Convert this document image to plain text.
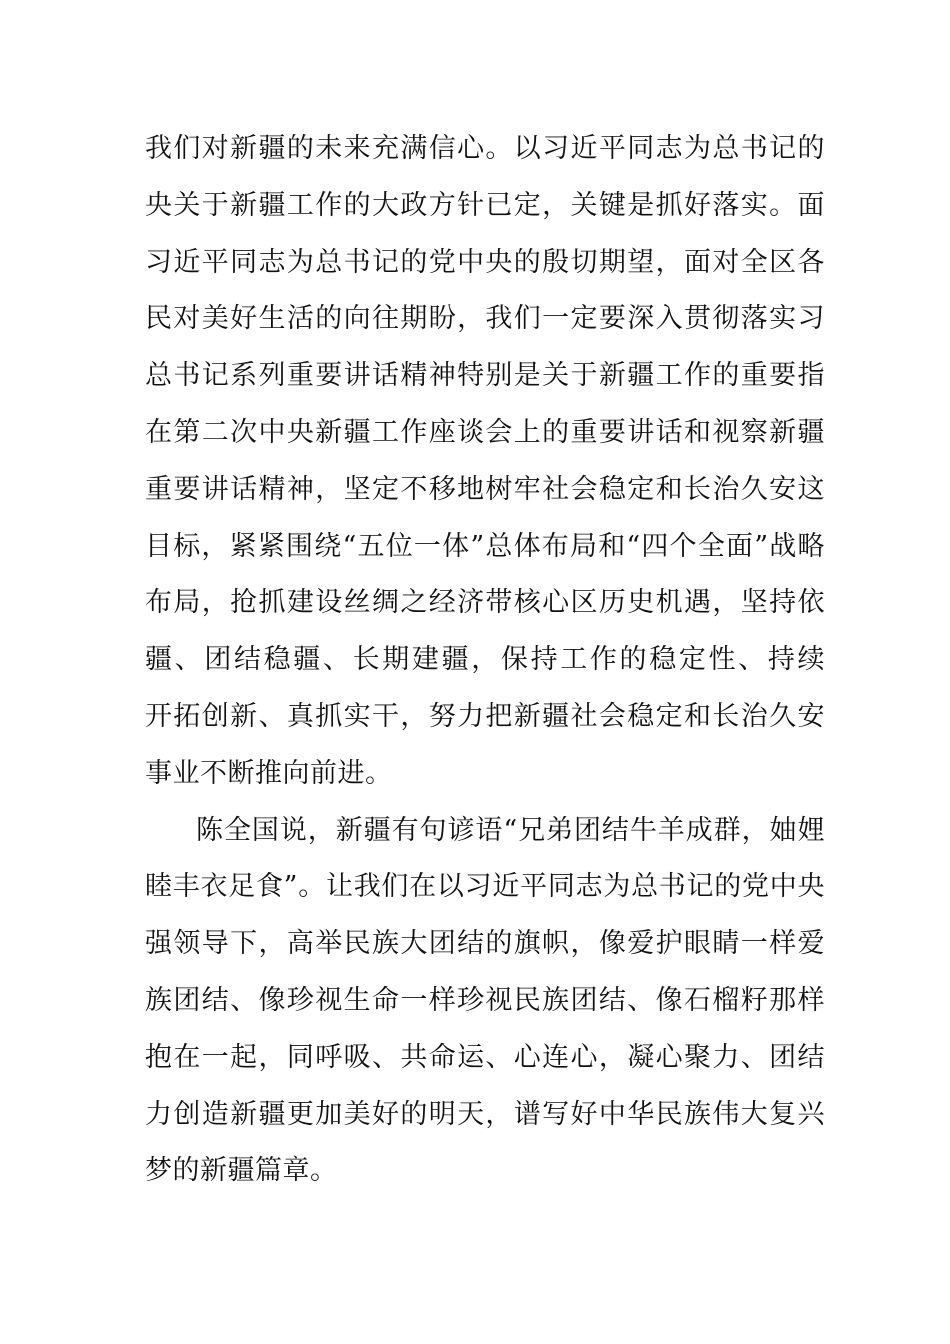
我们对新疆的未来充满信心。以习近平同志为总书记的
央关于新疆工作的大政方针已定，关键是抓好落实。面
习近平同志为总书记的党中央的殷切期望，面对全区各
民对美好生活的向往期盼，我们一定要深入贯彻落实习
总书记系列重要讲话精神特别是关于新疆工作的重要指
在第二次中央新疆工作座谈会上的重要讲话和视察新疆
重要讲话精神，坚定不移地树牢社会稳定和长治久安这
目标，紧紧围绕“五位一体”总体布局和“四个全面”战略
布局，抢抓建设丝绸之经济带核心区历史机遇，坚持依
疆、团结稳疆、长期建疆，保持工作的稳定性、持续
开拓创新、真抓实干，努力把新疆社会稳定和长治久安
事业不断推向前进。
陈全国说，新疆有句谚语“兄弟团结牛羊成群，妯娌
睦丰衣足食”。让我们在以习近平同志为总书记的党中央
强领导下，高举民族大团结的旗帜，像爱护眼睛一样爱
族团结、像珍视生命一样珍视民族团结、像石榴籽那样
抱在一起，同呼吸、共命运、心连心，凝心聚力、团结
力创造新疆更加美好的明天，谱写好中华民族伟大复兴
梦的新疆篇章。
